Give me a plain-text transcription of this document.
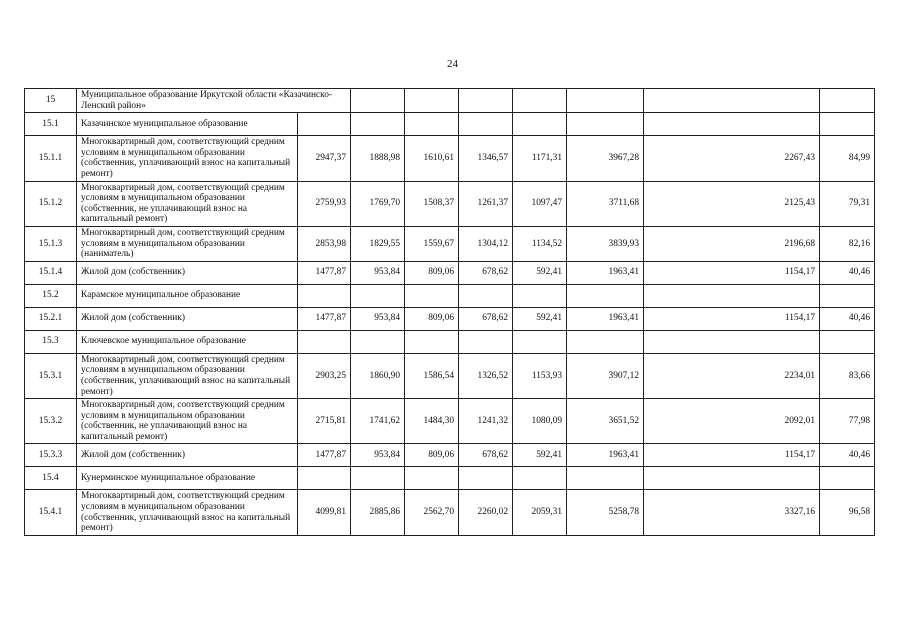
24
15	Муниципальное образование Иркутской области «Казачинско-Ленский район»								
15.1	Казачинское муниципальное образование								
15.1.1	Многоквартирный дом, соответствующий средним условиям в муниципальном образовании (собственник, уплачивающий взнос на капитальный ремонт)	2947,37	1888,98	1610,61	1346,57	1171,31	3967,28	2267,43	84,99
15.1.2	Многоквартирный дом, соответствующий средним условиям в муниципальном образовании (собственник, не уплачивающий взнос на капитальный ремонт)	2759,93	1769,70	1508,37	1261,37	1097,47	3711,68	2125,43	79,31
15.1.3	Многоквартирный дом, соответствующий средним условиям в муниципальном образовании (наниматель)	2853,98	1829,55	1559,67	1304,12	1134,52	3839,93	2196,68	82,16
15.1.4	Жилой дом (собственник)	1477,87	953,84	809,06	678,62	592,41	1963,41	1154,17	40,46
15.2	Карамское муниципальное образование								
15.2.1	Жилой дом (собственник)	1477,87	953,84	809,06	678,62	592,41	1963,41	1154,17	40,46
15.3	Ключевское муниципальное образование								
15.3.1	Многоквартирный дом, соответствующий средним условиям в муниципальном образовании (собственник, уплачивающий взнос на капитальный ремонт)	2903,25	1860,90	1586,54	1326,52	1153,93	3907,12	2234,01	83,66
15.3.2	Многоквартирный дом, соответствующий средним условиям в муниципальном образовании (собственник, не уплачивающий взнос на капитальный ремонт)	2715,81	1741,62	1484,30	1241,32	1080,09	3651,52	2092,01	77,98
15.3.3	Жилой дом (собственник)	1477,87	953,84	809,06	678,62	592,41	1963,41	1154,17	40,46
15.4	Кунерминское муниципальное образование								
15.4.1	Многоквартирный дом, соответствующий средним условиям в муниципальном образовании (собственник, уплачивающий взнос на капитальный ремонт)	4099,81	2885,86	2562,70	2260,02	2059,31	5258,78	3327,16	96,58
